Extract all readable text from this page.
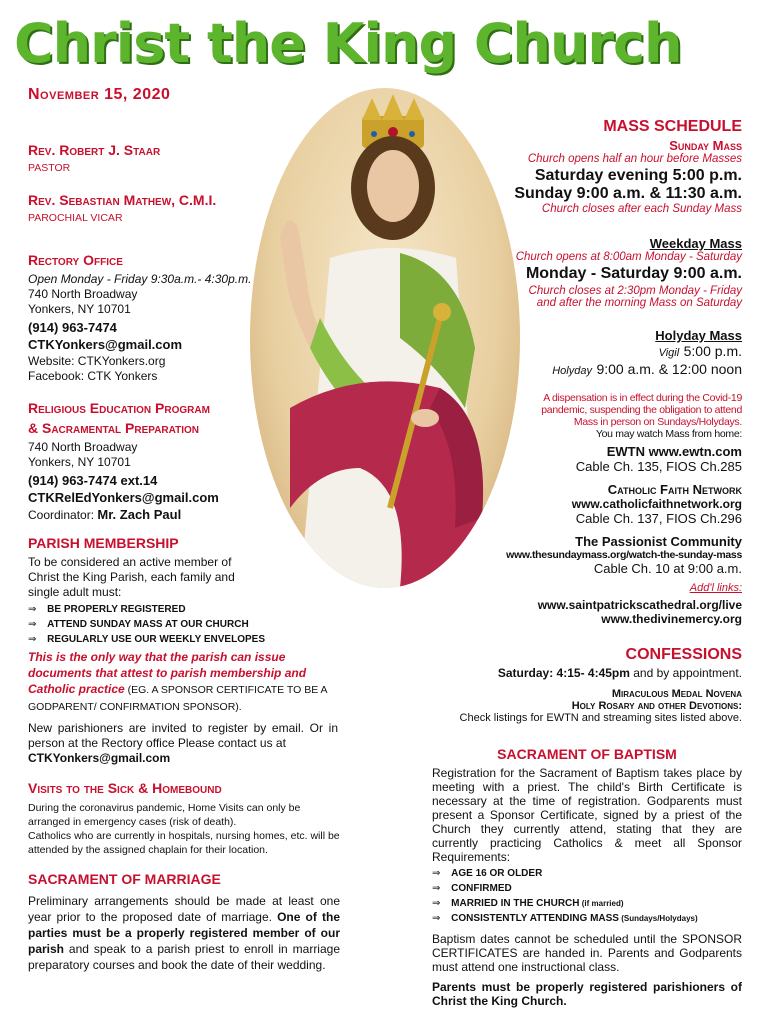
Christ the King Church
November 15, 2020
Rev. Robert J. Staar
PASTOR
Rev. Sebastian Mathew, C.M.I.
PAROCHIAL VICAR
Rectory Office
Open Monday - Friday 9:30a.m.- 4:30p.m.
740 North Broadway
Yonkers, NY 10701
(914) 963-7474
CTKYonkers@gmail.com
Website: CTKYonkers.org
Facebook: CTK Yonkers
Religious Education Program
& Sacramental Preparation
740 North Broadway
Yonkers, NY 10701
(914) 963-7474 ext.14
CTKRelEdYonkers@gmail.com
Coordinator: Mr. Zach Paul
PARISH MEMBERSHIP
To be considered an active member of Christ the King Parish, each family and single adult must:
⇒ BE PROPERLY REGISTERED
⇒ ATTEND SUNDAY MASS AT OUR CHURCH
⇒ REGULARLY USE OUR WEEKLY ENVELOPES
This is the only way that the parish can issue documents that attest to parish membership and Catholic practice (EG. A SPONSOR CERTIFICATE TO BE A GODPARENT/ CONFIRMATION SPONSOR).
New parishioners are invited to register by email. Or in person at the Rectory office Please contact us at
CTKYonkers@gmail.com
Visits to the Sick & Homebound
During the coronavirus pandemic, Home Visits can only be arranged in emergency cases (risk of death).
Catholics who are currently in hospitals, nursing homes, etc. will be attended by the assigned chaplain for their location.
SACRAMENT OF MARRIAGE
Preliminary arrangements should be made at least one year prior to the proposed date of marriage. One of the parties must be a properly registered member of our parish and speak to a parish priest to enroll in marriage preparatory courses and book the date of their wedding.
MASS SCHEDULE
Sunday Mass
Church opens half an hour before Masses
Saturday evening 5:00 p.m.
Sunday 9:00 a.m. & 11:30 a.m.
Church closes after each Sunday Mass
Weekday Mass
Church opens at 8:00am Monday - Saturday
Monday - Saturday 9:00 a.m.
Church closes at 2:30pm Monday - Friday
and after the morning Mass on Saturday
Holyday Mass
Vigil 5:00 p.m.
Holyday 9:00 a.m. & 12:00 noon
A dispensation is in effect during the Covid-19 pandemic, suspending the obligation to attend Mass in person on Sundays/Holydays.
You may watch Mass from home:
EWTN www.ewtn.com
Cable Ch. 135, FIOS Ch.285
Catholic Faith Network
www.catholicfaithnetwork.org
Cable Ch. 137, FIOS Ch.296
The Passionist Community
www.thesundaymass.org/watch-the-sunday-mass
Cable Ch. 10 at 9:00 a.m.
Add'l links:
www.saintpatrickscathedral.org/live
www.thedivinemercy.org
CONFESSIONS
Saturday: 4:15- 4:45pm and by appointment.
Miraculous Medal Novena
Holy Rosary and other Devotions:
Check listings for EWTN and streaming sites listed above.
SACRAMENT OF BAPTISM
Registration for the Sacrament of Baptism takes place by meeting with a priest. The child's Birth Certificate is necessary at the time of registration. Godparents must present a Sponsor Certificate, signed by a priest of the Church they currently attend, stating that they are currently practicing Catholics & meet all Sponsor Requirements:
⇒ AGE 16 OR OLDER
⇒ CONFIRMED
⇒ MARRIED IN THE CHURCH (if married)
⇒ CONSISTENTLY ATTENDING MASS (Sundays/Holydays)
Baptism dates cannot be scheduled until the SPONSOR CERTIFICATES are handed in. Parents and Godparents must attend one instructional class.
Parents must be properly registered parishioners of Christ the King Church.
